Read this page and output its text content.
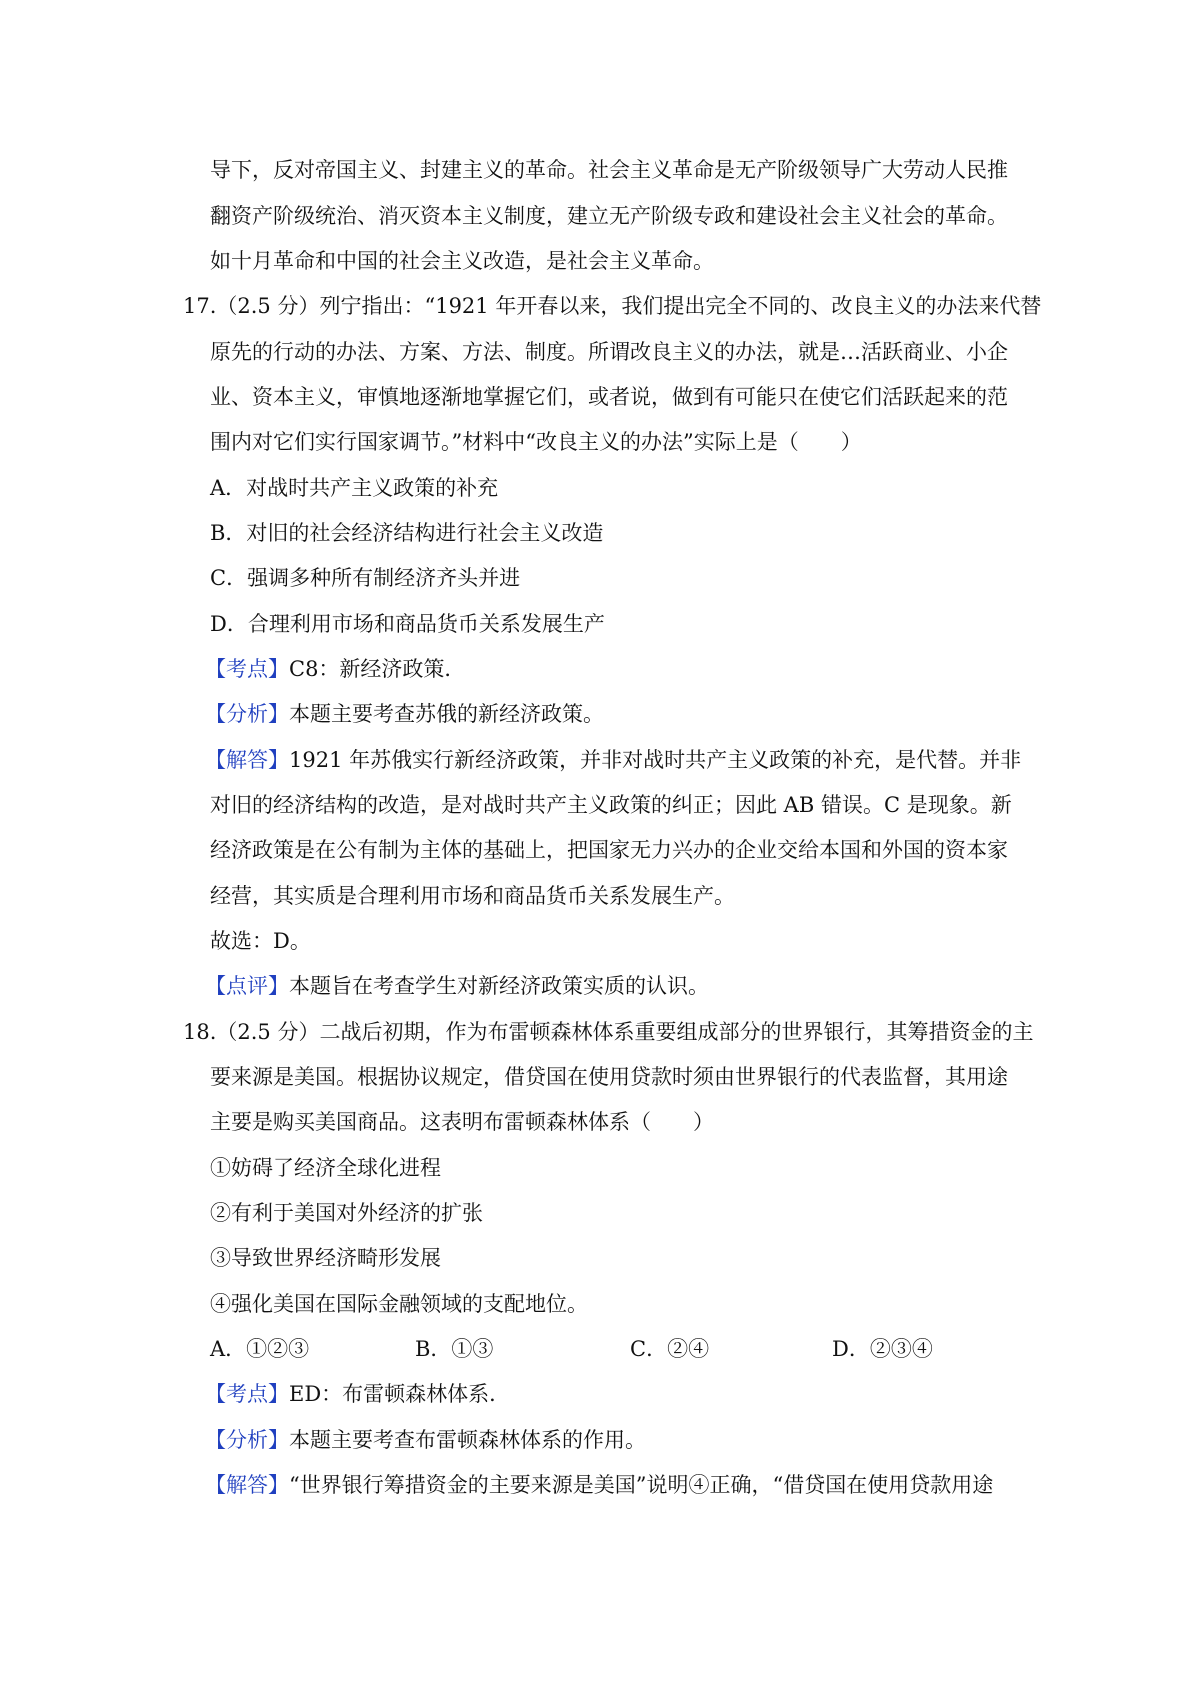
导下，反对帝国主义、封建主义的革命。社会主义革命是无产阶级领导广大劳动人民推
翻资产阶级统治、消灭资本主义制度，建立无产阶级专政和建设社会主义社会的革命。
如十月革命和中国的社会主义改造，是社会主义革命。
17.（2.5 分）列宁指出：“1921 年开春以来，我们提出完全不同的、改良主义的办法来代替
原先的行动的办法、方案、方法、制度。所谓改良主义的办法，就是…活跃商业、小企
业、资本主义，审慎地逐渐地掌握它们，或者说，做到有可能只在使它们活跃起来的范
围内对它们实行国家调节。”材料中“改良主义的办法”实际上是（　　）
A．对战时共产主义政策的补充
B．对旧的社会经济结构进行社会主义改造
C．强调多种所有制经济齐头并进
D．合理利用市场和商品货币关系发展生产
【考点】C8：新经济政策．
【分析】本题主要考查苏俄的新经济政策。
【解答】1921 年苏俄实行新经济政策，并非对战时共产主义政策的补充，是代替。并非
对旧的经济结构的改造，是对战时共产主义政策的纠正；因此 AB 错误。C 是现象。新
经济政策是在公有制为主体的基础上，把国家无力兴办的企业交给本国和外国的资本家
经营，其实质是合理利用市场和商品货币关系发展生产。
故选：D。
【点评】本题旨在考查学生对新经济政策实质的认识。
18.（2.5 分）二战后初期，作为布雷顿森林体系重要组成部分的世界银行，其筹措资金的主
要来源是美国。根据协议规定，借贷国在使用贷款时须由世界银行的代表监督，其用途
主要是购买美国商品。这表明布雷顿森林体系（　　）
①妨碍了经济全球化进程
②有利于美国对外经济的扩张
③导致世界经济畸形发展
④强化美国在国际金融领域的支配地位。
A．①②③	B．①③	C．②④	D．②③④
【考点】ED：布雷顿森林体系．
【分析】本题主要考查布雷顿森林体系的作用。
【解答】“世界银行筹措资金的主要来源是美国”说明④正确，“借贷国在使用贷款用途
